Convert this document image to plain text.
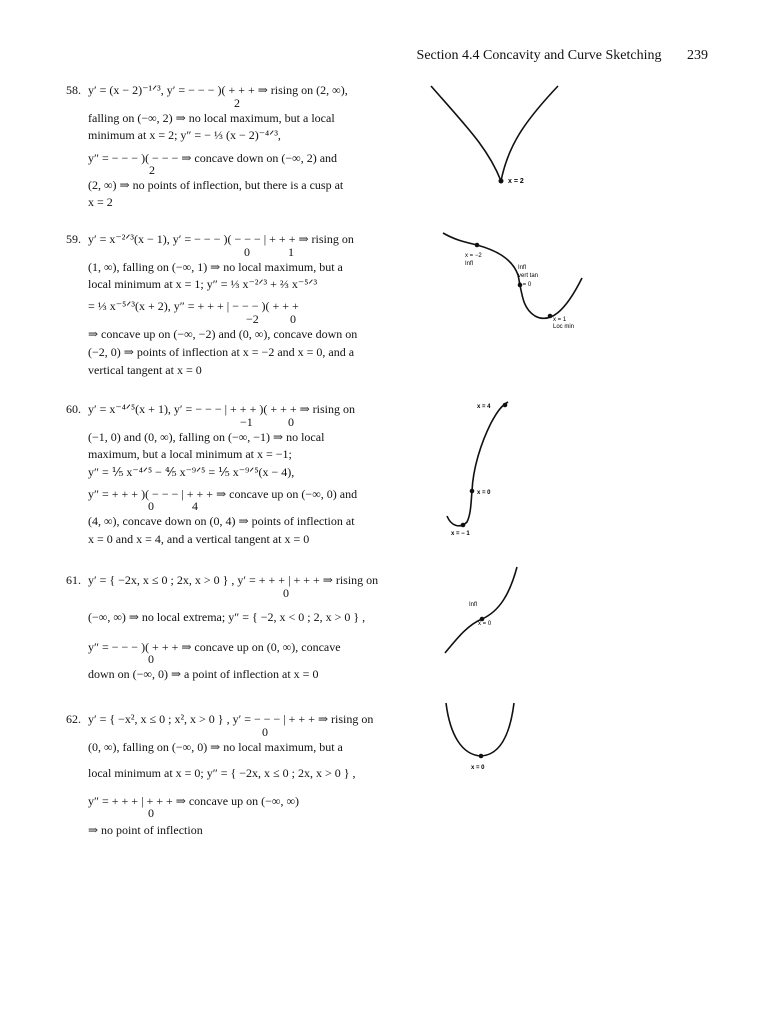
Section 4.4 Concavity and Curve Sketching 239
58. y′ = (x − 2)⁻¹ᐟ³, y′ = − − − )( + + + ⇒ rising on (2, ∞),
2
falling on (−∞, 2) ⇒ no local maximum, but a local
minimum at x = 2; y″ = − ⅓ (x − 2)⁻⁴ᐟ³,
y″ = − − − )( − − − ⇒ concave down on (−∞, 2) and
2
(2, ∞) ⇒ no points of inflection, but there is a cusp at
x = 2
x = 2
59. y′ = x⁻²ᐟ³(x − 1), y′ = − − − )( − − − | + + + ⇒ rising on
0	1
(1, ∞), falling on (−∞, 1) ⇒ no local maximum, but a
local minimum at x = 1; y″ = ⅓ x⁻²ᐟ³ + ⅔ x⁻⁵ᐟ³
= ⅓ x⁻⁵ᐟ³(x + 2), y″ = + + + | − − − )( + + +
−2	0
⇒ concave up on (−∞, −2) and (0, ∞), concave down on
(−2, 0) ⇒ points of inflection at x = −2 and x = 0, and a
vertical tangent at x = 0
x = −2
Infl
Infl
vert tan
x = 0
x = 1
Loc min
60. y′ = x⁻⁴ᐟ⁵(x + 1), y′ = − − − | + + + )( + + + ⇒ rising on
−1	0
(−1, 0) and (0, ∞), falling on (−∞, −1) ⇒ no local
maximum, but a local minimum at x = −1;
y″ = ⅕ x⁻⁴ᐟ⁵ − ⅘ x⁻⁹ᐟ⁵ = ⅕ x⁻⁹ᐟ⁵(x − 4),
y″ = + + + )( − − − | + + + ⇒ concave up on (−∞, 0) and
0	4
(4, ∞), concave down on (0, 4) ⇒ points of inflection at
x = 0 and x = 4, and a vertical tangent at x = 0
x = 4
x = 0
x = − 1
61. y′ = { −2x, x ≤ 0 ; 2x, x > 0 } , y′ = + + + | + + + ⇒ rising on
0
(−∞, ∞) ⇒ no local extrema; y″ = { −2, x < 0 ; 2, x > 0 } ,
y″ = − − − )( + + + ⇒ concave up on (0, ∞), concave
0
down on (−∞, 0) ⇒ a point of inflection at x = 0
Infl
x = 0
62. y′ = { −x², x ≤ 0 ; x², x > 0 } , y′ = − − − | + + + ⇒ rising on
0
(0, ∞), falling on (−∞, 0) ⇒ no local maximum, but a
local minimum at x = 0; y″ = { −2x, x ≤ 0 ; 2x, x > 0 } ,
y″ = + + + | + + + ⇒ concave up on (−∞, ∞)
0
⇒ no point of inflection
x = 0
